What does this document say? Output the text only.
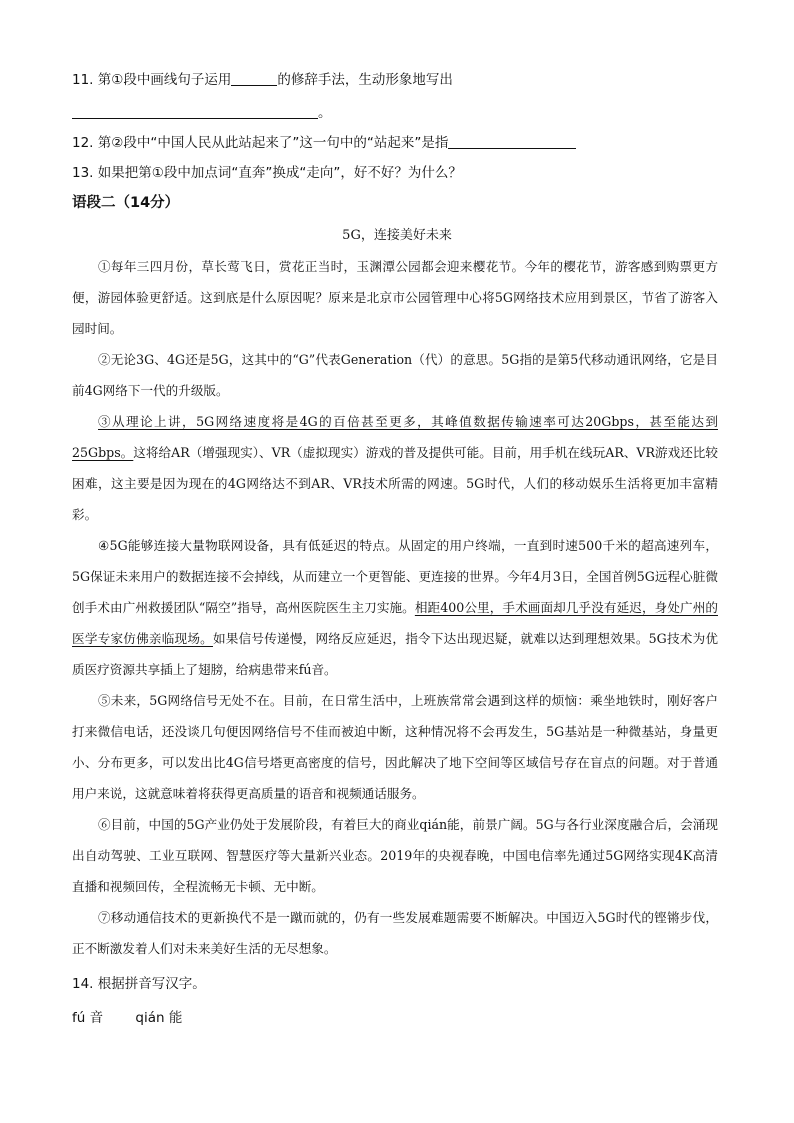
11. 第①段中画线句子运用	的修辞手法，生动形象地写出
。
12. 第②段中“中国人民从此站起来了”这一句中的“站起来”是指
13. 如果把第①段中加点词“直奔”换成“走向”，好不好？为什么？
语段二（14分）
5G，连接美好未来
①每年三四月份，草长莺飞日，赏花正当时，玉渊潭公园都会迎来樱花节。今年的樱花节，游客感到购票更方便，游园体验更舒适。这到底是什么原因呢？原来是北京市公园管理中心将5G网络技术应用到景区，节省了游客入园时间。
②无论3G、4G还是5G，这其中的“G”代表Generation（代）的意思。5G指的是第5代移动通讯网络，它是目前4G网络下一代的升级版。
③从理论上讲，5G网络速度将是4G的百倍甚至更多，其峰值数据传输速率可达20Gbps，甚至能达到25Gbps。这将给AR（增强现实）、VR（虚拟现实）游戏的普及提供可能。目前，用手机在线玩AR、VR游戏还比较困难，这主要是因为现在的4G网络达不到AR、VR技术所需的网速。5G时代，人们的移动娱乐生活将更加丰富精彩。
④5G能够连接大量物联网设备，具有低延迟的特点。从固定的用户终端，一直到时速500千米的超高速列车，5G保证未来用户的数据连接不会掉线，从而建立一个更智能、更连接的世界。今年4月3日，全国首例5G远程心脏微创手术由广州救援团队“隔空”指导，高州医院医生主刀实施。相距400公里，手术画面却几乎没有延迟，身处广州的医学专家仿佛亲临现场。如果信号传递慢，网络反应延迟，指令下达出现迟疑，就难以达到理想效果。5G技术为优质医疗资源共享插上了翅膀，给病患带来fú音。
⑤未来，5G网络信号无处不在。目前，在日常生活中，上班族常常会遇到这样的烦恼：乘坐地铁时，刚好客户打来微信电话，还没谈几句便因网络信号不佳而被迫中断，这种情况将不会再发生，5G基站是一种微基站，身量更小、分布更多，可以发出比4G信号塔更高密度的信号，因此解决了地下空间等区域信号存在盲点的问题。对于普通用户来说，这就意味着将获得更高质量的语音和视频通话服务。
⑥目前，中国的5G产业仍处于发展阶段，有着巨大的商业qián能，前景广阔。5G与各行业深度融合后，会涌现出自动驾驶、工业互联网、智慧医疗等大量新兴业态。2019年的央视春晚，中国电信率先通过5G网络实现4K高清直播和视频回传，全程流畅无卡顿、无中断。
⑦移动通信技术的更新换代不是一蹴而就的，仍有一些发展难题需要不断解决。中国迈入5G时代的铿锵步伐，正不断激发着人们对未来美好生活的无尽想象。
14. 根据拼音写汉字。
fú 音 qián 能
